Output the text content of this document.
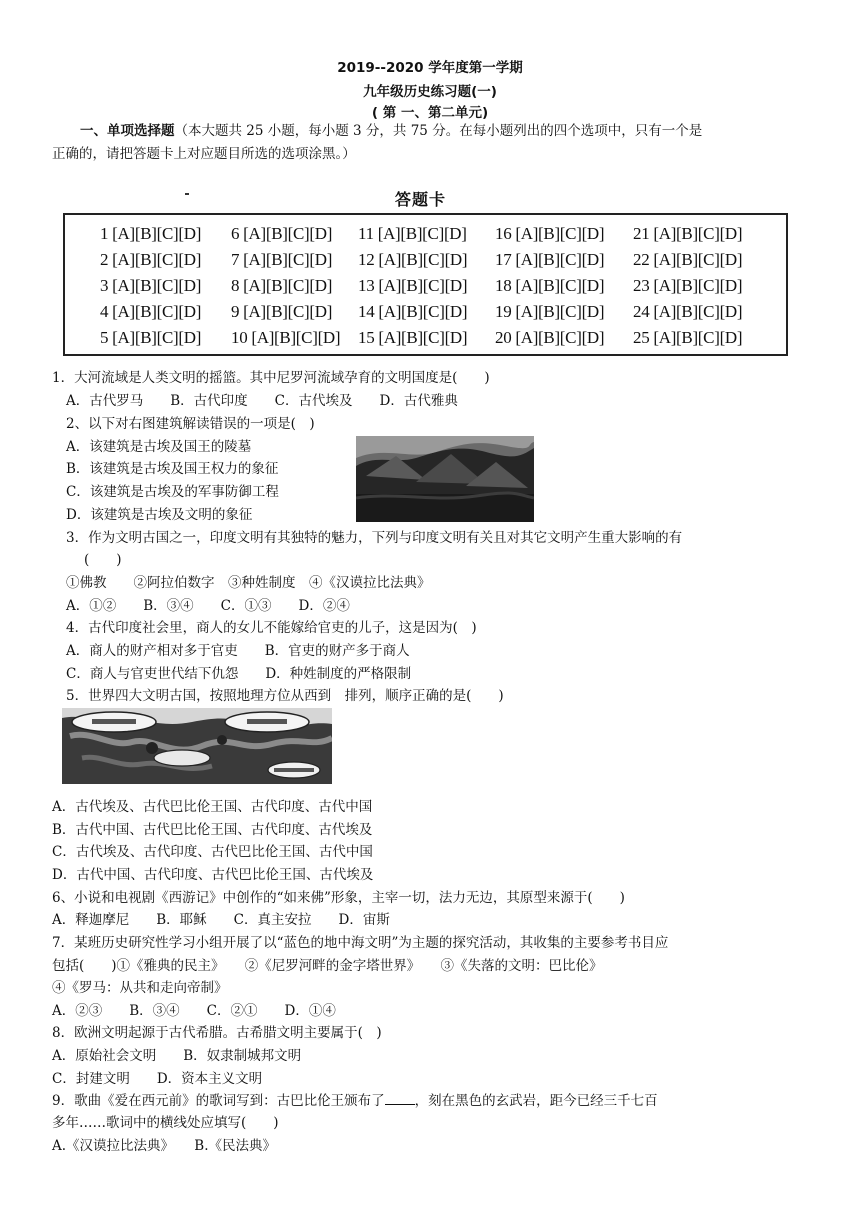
2019--2020 学年度第一学期
九年级历史练习题(一)
( 第 一、第二单元)
一、单项选择题（本大题共 25 小题，每小题 3 分，共 75 分。在每小题列出的四个选项中，只有一个是
正确的，请把答题卡上对应题目所选的选项涂黑。）
答题卡
1 [A][B][C][D] 6 [A][B][C][D] 11 [A][B][C][D] 16 [A][B][C][D] 21 [A][B][C][D]
2 [A][B][C][D] 7 [A][B][C][D] 12 [A][B][C][D] 17 [A][B][C][D] 22 [A][B][C][D]
3 [A][B][C][D] 8 [A][B][C][D] 13 [A][B][C][D] 18 [A][B][C][D] 23 [A][B][C][D]
4 [A][B][C][D] 9 [A][B][C][D] 14 [A][B][C][D] 19 [A][B][C][D] 24 [A][B][C][D]
5 [A][B][C][D] 10 [A][B][C][D] 15 [A][B][C][D] 20 [A][B][C][D] 25 [A][B][C][D]
1．大河流域是人类文明的摇篮。其中尼罗河流域孕育的文明国度是(　　)
A．古代罗马　　B．古代印度　　C．古代埃及　　D．古代雅典
2、以下对右图建筑解读错误的一项是(　)
A．该建筑是古埃及国王的陵墓
B．该建筑是古埃及国王权力的象征
C．该建筑是古埃及的军事防御工程
D．该建筑是古埃及文明的象征
3．作为文明古国之一，印度文明有其独特的魅力，下列与印度文明有关且对其它文明产生重大影响的有
(　　)
①佛教　　②阿拉伯数字　③种姓制度　④《汉谟拉比法典》
A．①②　　B．③④　　C．①③　　D．②④
4．古代印度社会里，商人的女儿不能嫁给官吏的儿子，这是因为(　)
A．商人的财产相对多于官吏　　B．官吏的财产多于商人
C．商人与官吏世代结下仇怨　　D．种姓制度的严格限制
5．世界四大文明古国，按照地理方位从西到　排列，顺序正确的是(　　)
A．古代埃及、古代巴比伦王国、古代印度、古代中国
B．古代中国、古代巴比伦王国、古代印度、古代埃及
C．古代埃及、古代印度、古代巴比伦王国、古代中国
D．古代中国、古代印度、古代巴比伦王国、古代埃及
6、小说和电视剧《西游记》中创作的“如来佛”形象，主宰一切，法力无边，其原型来源于(　　)
A．释迦摩尼　　B．耶稣　　C．真主安拉　　D．宙斯
7．某班历史研究性学习小组开展了以“蓝色的地中海文明”为主题的探究活动，其收集的主要参考书目应
包括(　　)①《雅典的民主》　　②《尼罗河畔的金字塔世界》　　③《失落的文明：巴比伦》
④《罗马：从共和走向帝制》
A．②③　　B．③④　　C．②①　　D．①④
8．欧洲文明起源于古代希腊。古希腊文明主要属于(　)
A．原始社会文明　　B．奴隶制城邦文明
C．封建文明　　D．资本主义文明
9．歌曲《爱在西元前》的歌词写到：古巴比伦王颁布了 ，刻在黑色的玄武岩，距今已经三千七百
多年……歌词中的横线处应填写(　　)
A.《汉谟拉比法典》　　B.《民法典》
